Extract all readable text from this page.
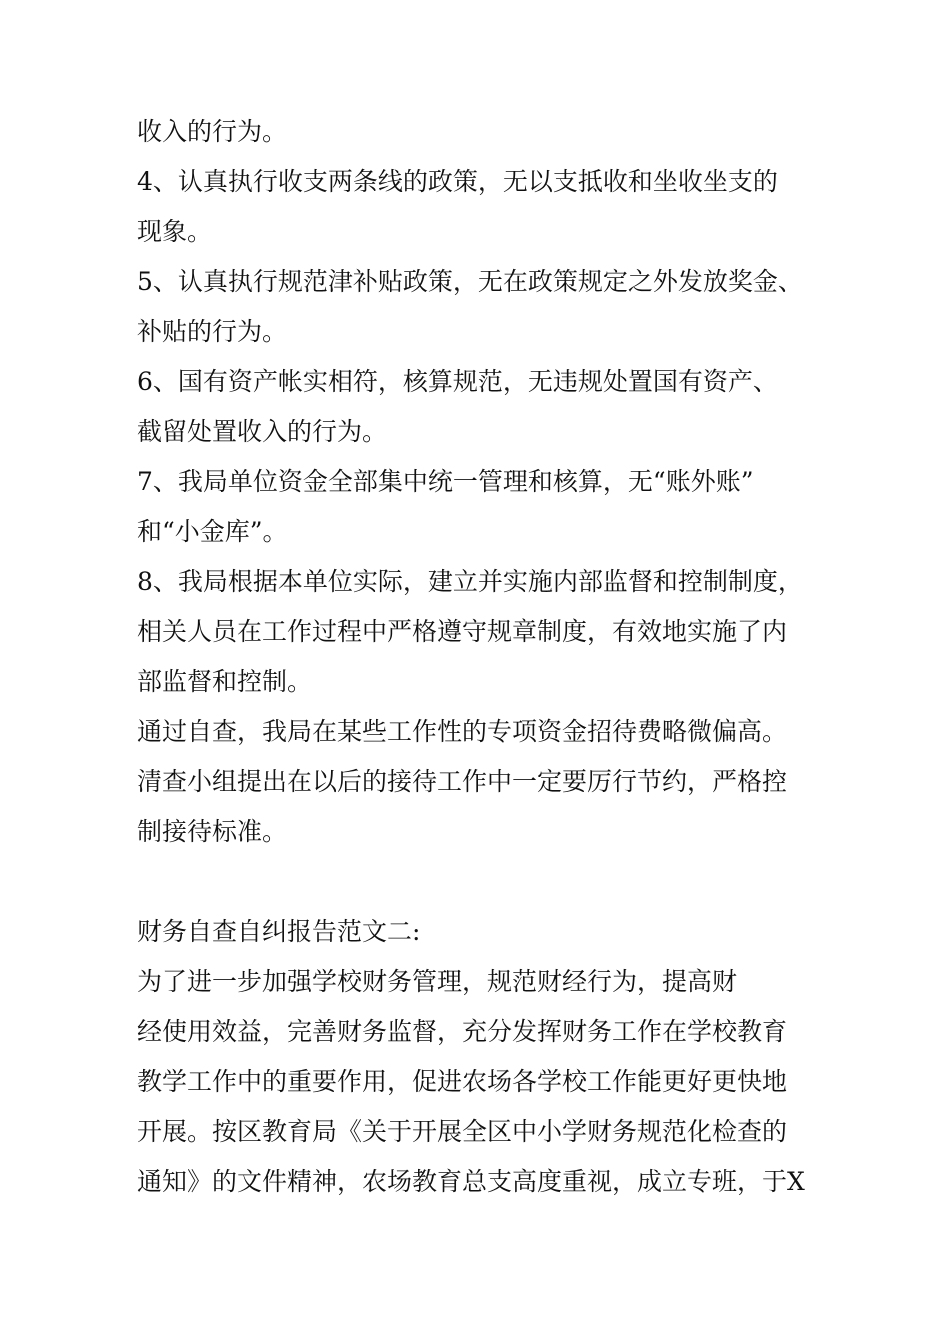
收入的行为。
4、认真执行收支两条线的政策，无以支抵收和坐收坐支的
现象。
5、认真执行规范津补贴政策，无在政策规定之外发放奖金、
补贴的行为。
6、国有资产帐实相符，核算规范，无违规处置国有资产、
截留处置收入的行为。
7、我局单位资金全部集中统一管理和核算，无“账外账”
和“小金库”。
8、我局根据本单位实际，建立并实施内部监督和控制制度，
相关人员在工作过程中严格遵守规章制度，有效地实施了内
部监督和控制。
通过自查，我局在某些工作性的专项资金招待费略微偏高。
清查小组提出在以后的接待工作中一定要厉行节约，严格控
制接待标准。
财务自查自纠报告范文二:
为了进一步加强学校财务管理，规范财经行为，提高财
经使用效益，完善财务监督，充分发挥财务工作在学校教育
教学工作中的重要作用，促进农场各学校工作能更好更快地
开展。按区教育局《关于开展全区中小学财务规范化检查的
通知》的文件精神，农场教育总支高度重视，成立专班，于X
